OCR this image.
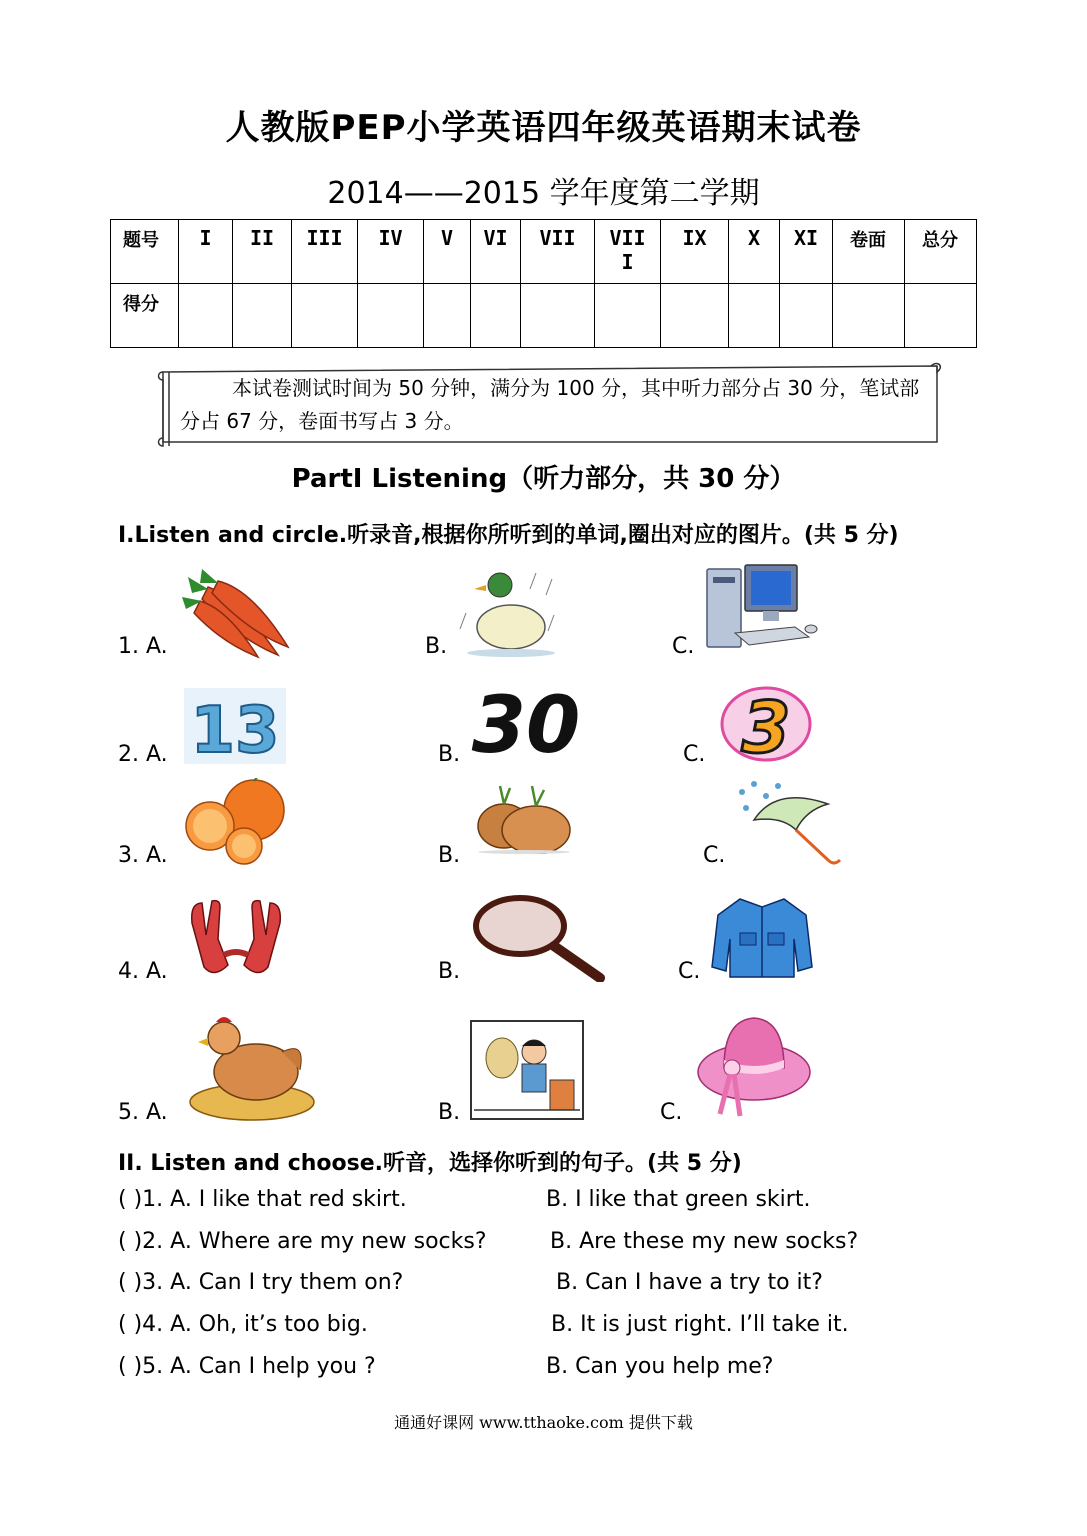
人教版PEP小学英语四年级英语期末试卷
2014——2015 学年度第二学期
题号	I	II	III	IV	V	VI	VII	VIII	IX	X	XI	卷面	总分
得分													
本试卷测试时间为 50 分钟，满分为 100 分，其中听力部分占 30 分，笔试部分占 67 分，卷面书写占 3 分。
PartⅠ Listening（听力部分，共 30 分）
I.Listen and circle.听录音,根据你所听到的单词,圈出对应的图片。(共 5 分)
1. A.	B.	C.
2. A. 13	B. 30	C. 3
3. A.	B.	C.
4. A.	B.	C.
5. A.	B.	C.
II. Listen and choose.听音，选择你听到的句子。(共 5 分)
( )1. A. I like that red skirt.	B. I like that green skirt.
( )2. A. Where are my new socks?	B. Are these my new socks?
( )3. A. Can I try them on?	B. Can I have a try to it?
( )4. A. Oh, it’s too big.	B. It is just right. I’ll take it.
( )5. A. Can I help you ?	B. Can you help me?
通通好课网 www.tthaoke.com 提供下载
